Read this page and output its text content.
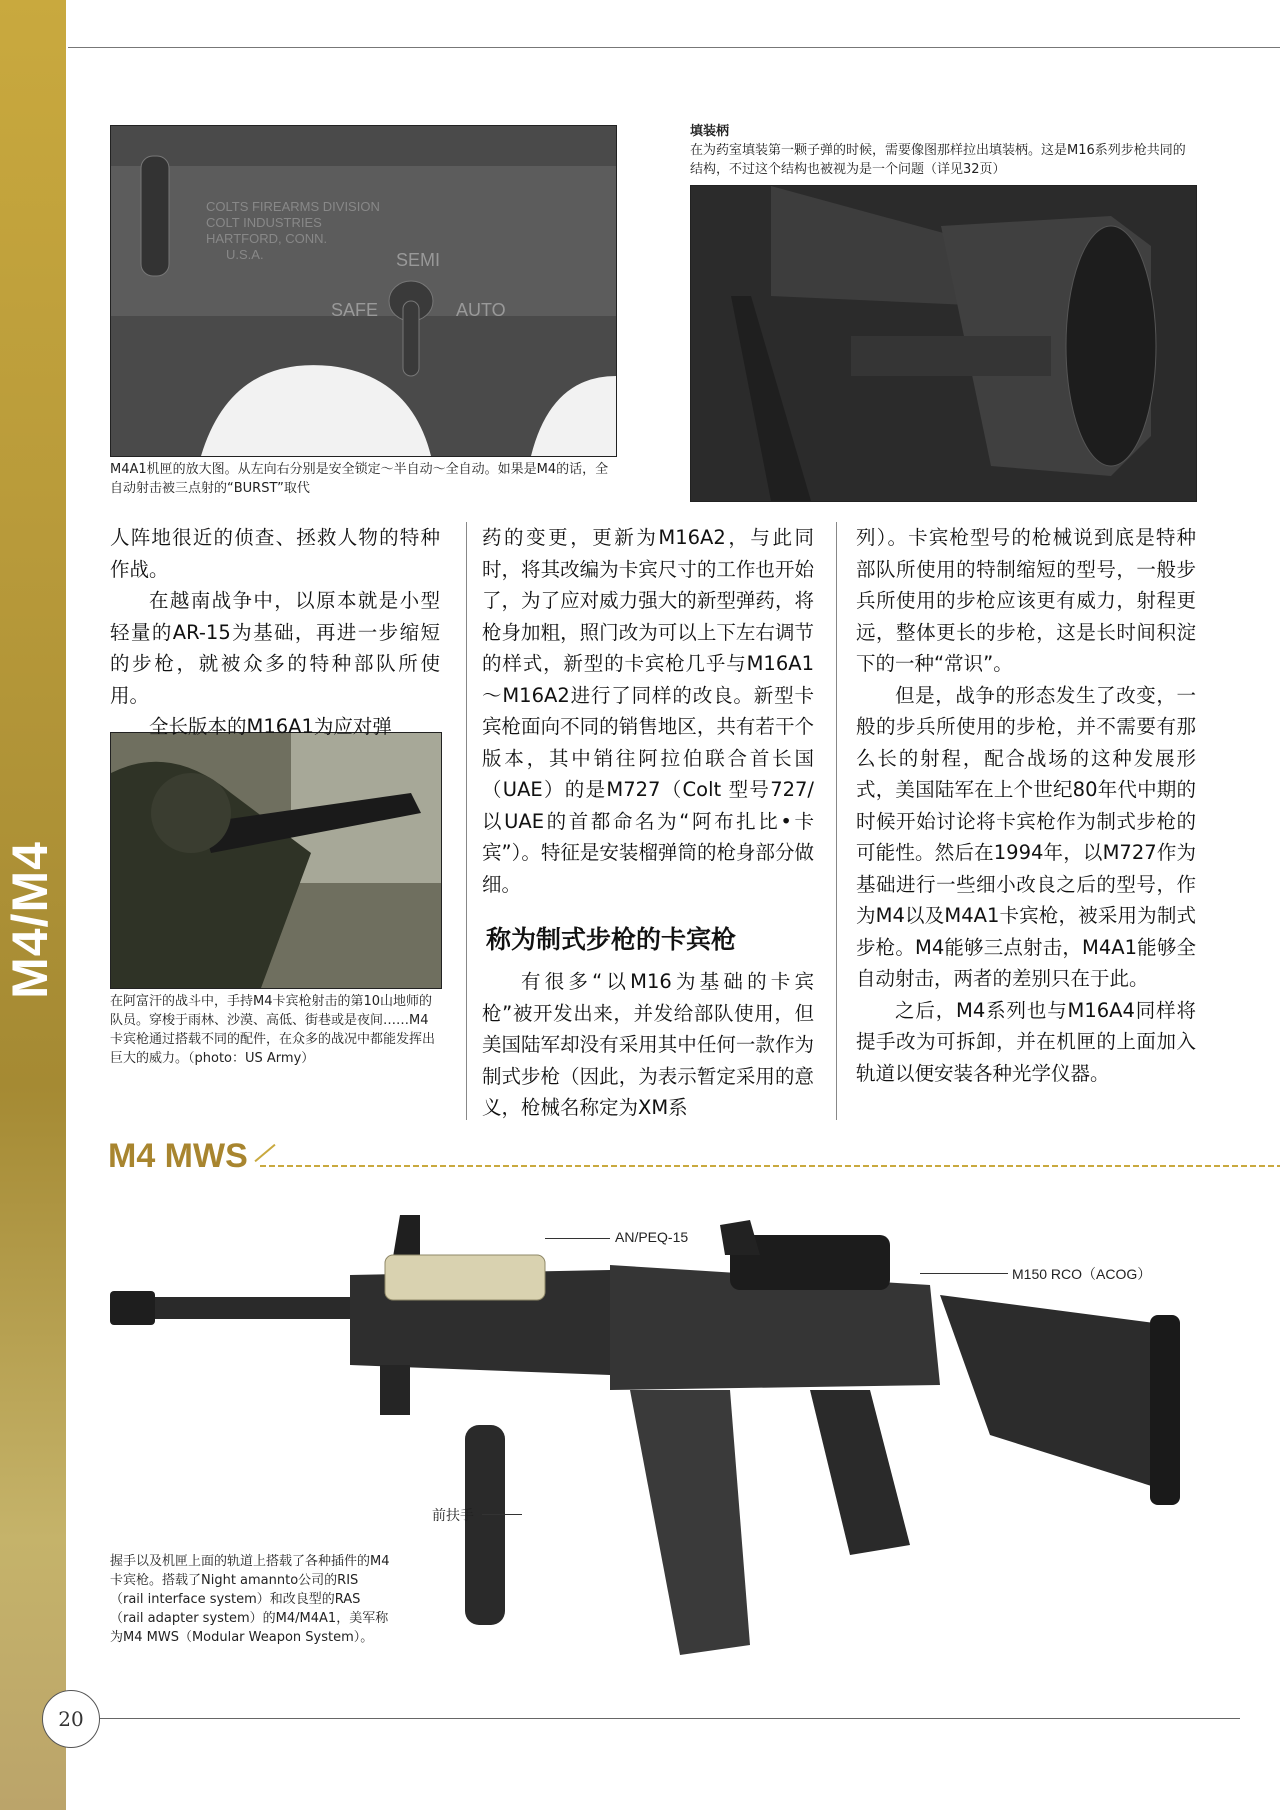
M4/M4
COLTS FIREARMS DIVISION
COLT INDUSTRIES
HARTFORD, CONN.
U.S.A.	SEMI
SAFE	AUTO
M4A1机匣的放大图。从左向右分别是安全锁定～半自动～全自动。如果是M4的话，全自动射击被三点射的“BURST”取代
填装柄
在为药室填装第一颗子弹的时候，需要像图那样拉出填装柄。这是M16系列步枪共同的结构，不过这个结构也被视为是一个问题（详见32页）
在阿富汗的战斗中，手持M4卡宾枪射击的第10山地师的队员。穿梭于雨林、沙漠、高低、街巷或是夜间……M4卡宾枪通过搭载不同的配件，在众多的战况中都能发挥出巨大的威力。（photo：US Army）

人阵地很近的侦查、拯救人物的特种作战。

在越南战争中，以原本就是小型轻量的AR-15为基础，再进一步缩短的步枪，就被众多的特种部队所使用。

全长版本的M16A1为应对弹

药的变更，更新为M16A2，与此同时，将其改编为卡宾尺寸的工作也开始了，为了应对威力强大的新型弹药，将枪身加粗，照门改为可以上下左右调节的样式，新型的卡宾枪几乎与M16A1～M16A2进行了同样的改良。新型卡宾枪面向不同的销售地区，共有若干个版本，其中销往阿拉伯联合首长国（UAE）的是M727（Colt 型号727/以UAE的首都命名为“阿布扎比•卡宾”）。特征是安装榴弹筒的枪身部分做细。

称为制式步枪的卡宾枪

有很多“以M16为基础的卡宾枪”被开发出来，并发给部队使用，但美国陆军却没有采用其中任何一款作为制式步枪（因此，为表示暂定采用的意义，枪械名称定为XM系

列）。卡宾枪型号的枪械说到底是特种部队所使用的特制缩短的型号，一般步兵所使用的步枪应该更有威力，射程更远，整体更长的步枪，这是长时间积淀下的一种“常识”。

但是，战争的形态发生了改变，一般的步兵所使用的步枪，并不需要有那么长的射程，配合战场的这种发展形式，美国陆军在上个世纪80年代中期的时候开始讨论将卡宾枪作为制式步枪的可能性。然后在1994年，以M727作为基础进行一些细小改良之后的型号，作为M4以及M4A1卡宾枪，被采用为制式步枪。M4能够三点射击，M4A1能够全自动射击，两者的差别只在于此。

之后，M4系列也与M16A4同样将提手改为可拆卸，并在机匣的上面加入轨道以便安装各种光学仪器。

M4 MWS
AN/PEQ-15
M150 RCO（ACOG）
前扶手
握手以及机匣上面的轨道上搭载了各种插件的M4卡宾枪。搭载了Night amannto公司的RIS（rail interface system）和改良型的RAS（rail adapter system）的M4/M4A1，美军称为M4 MWS（Modular Weapon System）。
20
